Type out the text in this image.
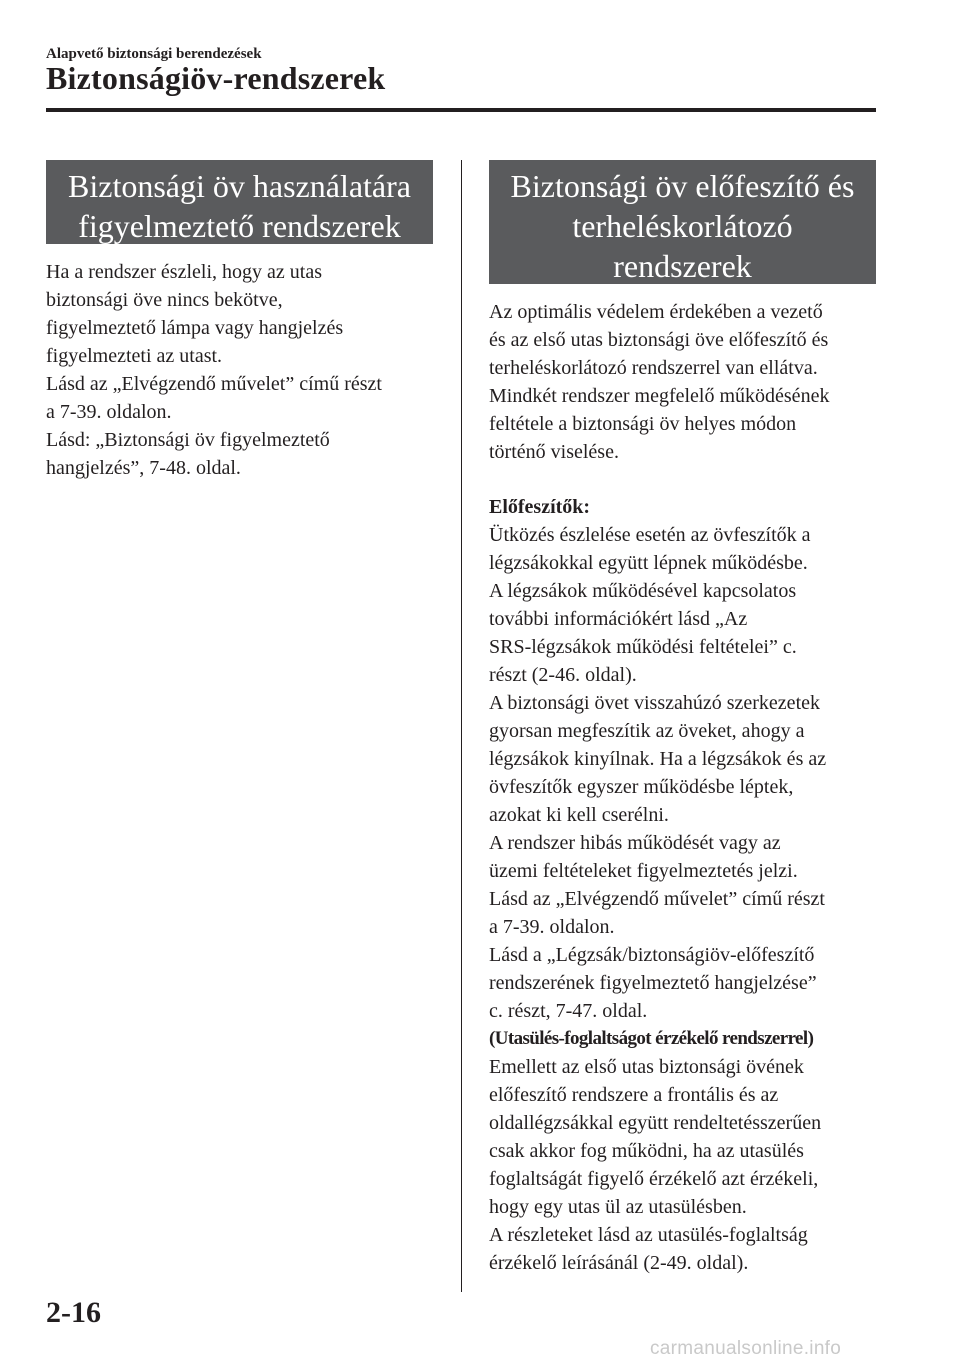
Alapvető biztonsági berendezések
Biztonságiöv-rendszerek
Biztonsági öv használatára
figyelmeztető rendszerek

Ha a rendszer észleli, hogy az utas

biztonsági öve nincs bekötve,

figyelmeztető lámpa vagy hangjelzés

figyelmezteti az utast.

Lásd az „Elvégzendő művelet” című részt

a 7-39. oldalon.

Lásd: „Biztonsági öv figyelmeztető

hangjelzés”, 7-48. oldal.

Biztonsági öv előfeszítő és
terheléskorlátozó
rendszerek

Az optimális védelem érdekében a vezető

és az első utas biztonsági öve előfeszítő és

terheléskorlátozó rendszerrel van ellátva.

Mindkét rendszer megfelelő működésének

feltétele a biztonsági öv helyes módon

történő viselése.

Előfeszítők:

Ütközés észlelése esetén az övfeszítők a

légzsákokkal együtt lépnek működésbe.

A légzsákok működésével kapcsolatos

további információkért lásd „Az

SRS-légzsákok működési feltételei” c.

részt (2-46. oldal).

A biztonsági övet visszahúzó szerkezetek

gyorsan megfeszítik az öveket, ahogy a

légzsákok kinyílnak. Ha a légzsákok és az

övfeszítők egyszer működésbe léptek,

azokat ki kell cserélni.

A rendszer hibás működését vagy az

üzemi feltételeket figyelmeztetés jelzi.

Lásd az „Elvégzendő művelet” című részt

a 7-39. oldalon.

Lásd a „Légzsák/biztonságiöv-előfeszítő

rendszerének figyelmeztető hangjelzése”

c. részt, 7-47. oldal.

(Utasülés-foglaltságot érzékelő rendszerrel)

Emellett az első utas biztonsági övének

előfeszítő rendszere a frontális és az

oldallégzsákkal együtt rendeltetésszerűen

csak akkor fog működni, ha az utasülés

foglaltságát figyelő érzékelő azt érzékeli,

hogy egy utas ül az utasülésben.

A részleteket lásd az utasülés-foglaltság

érzékelő leírásánál (2-49. oldal).

2-16
carmanualsonline.info
